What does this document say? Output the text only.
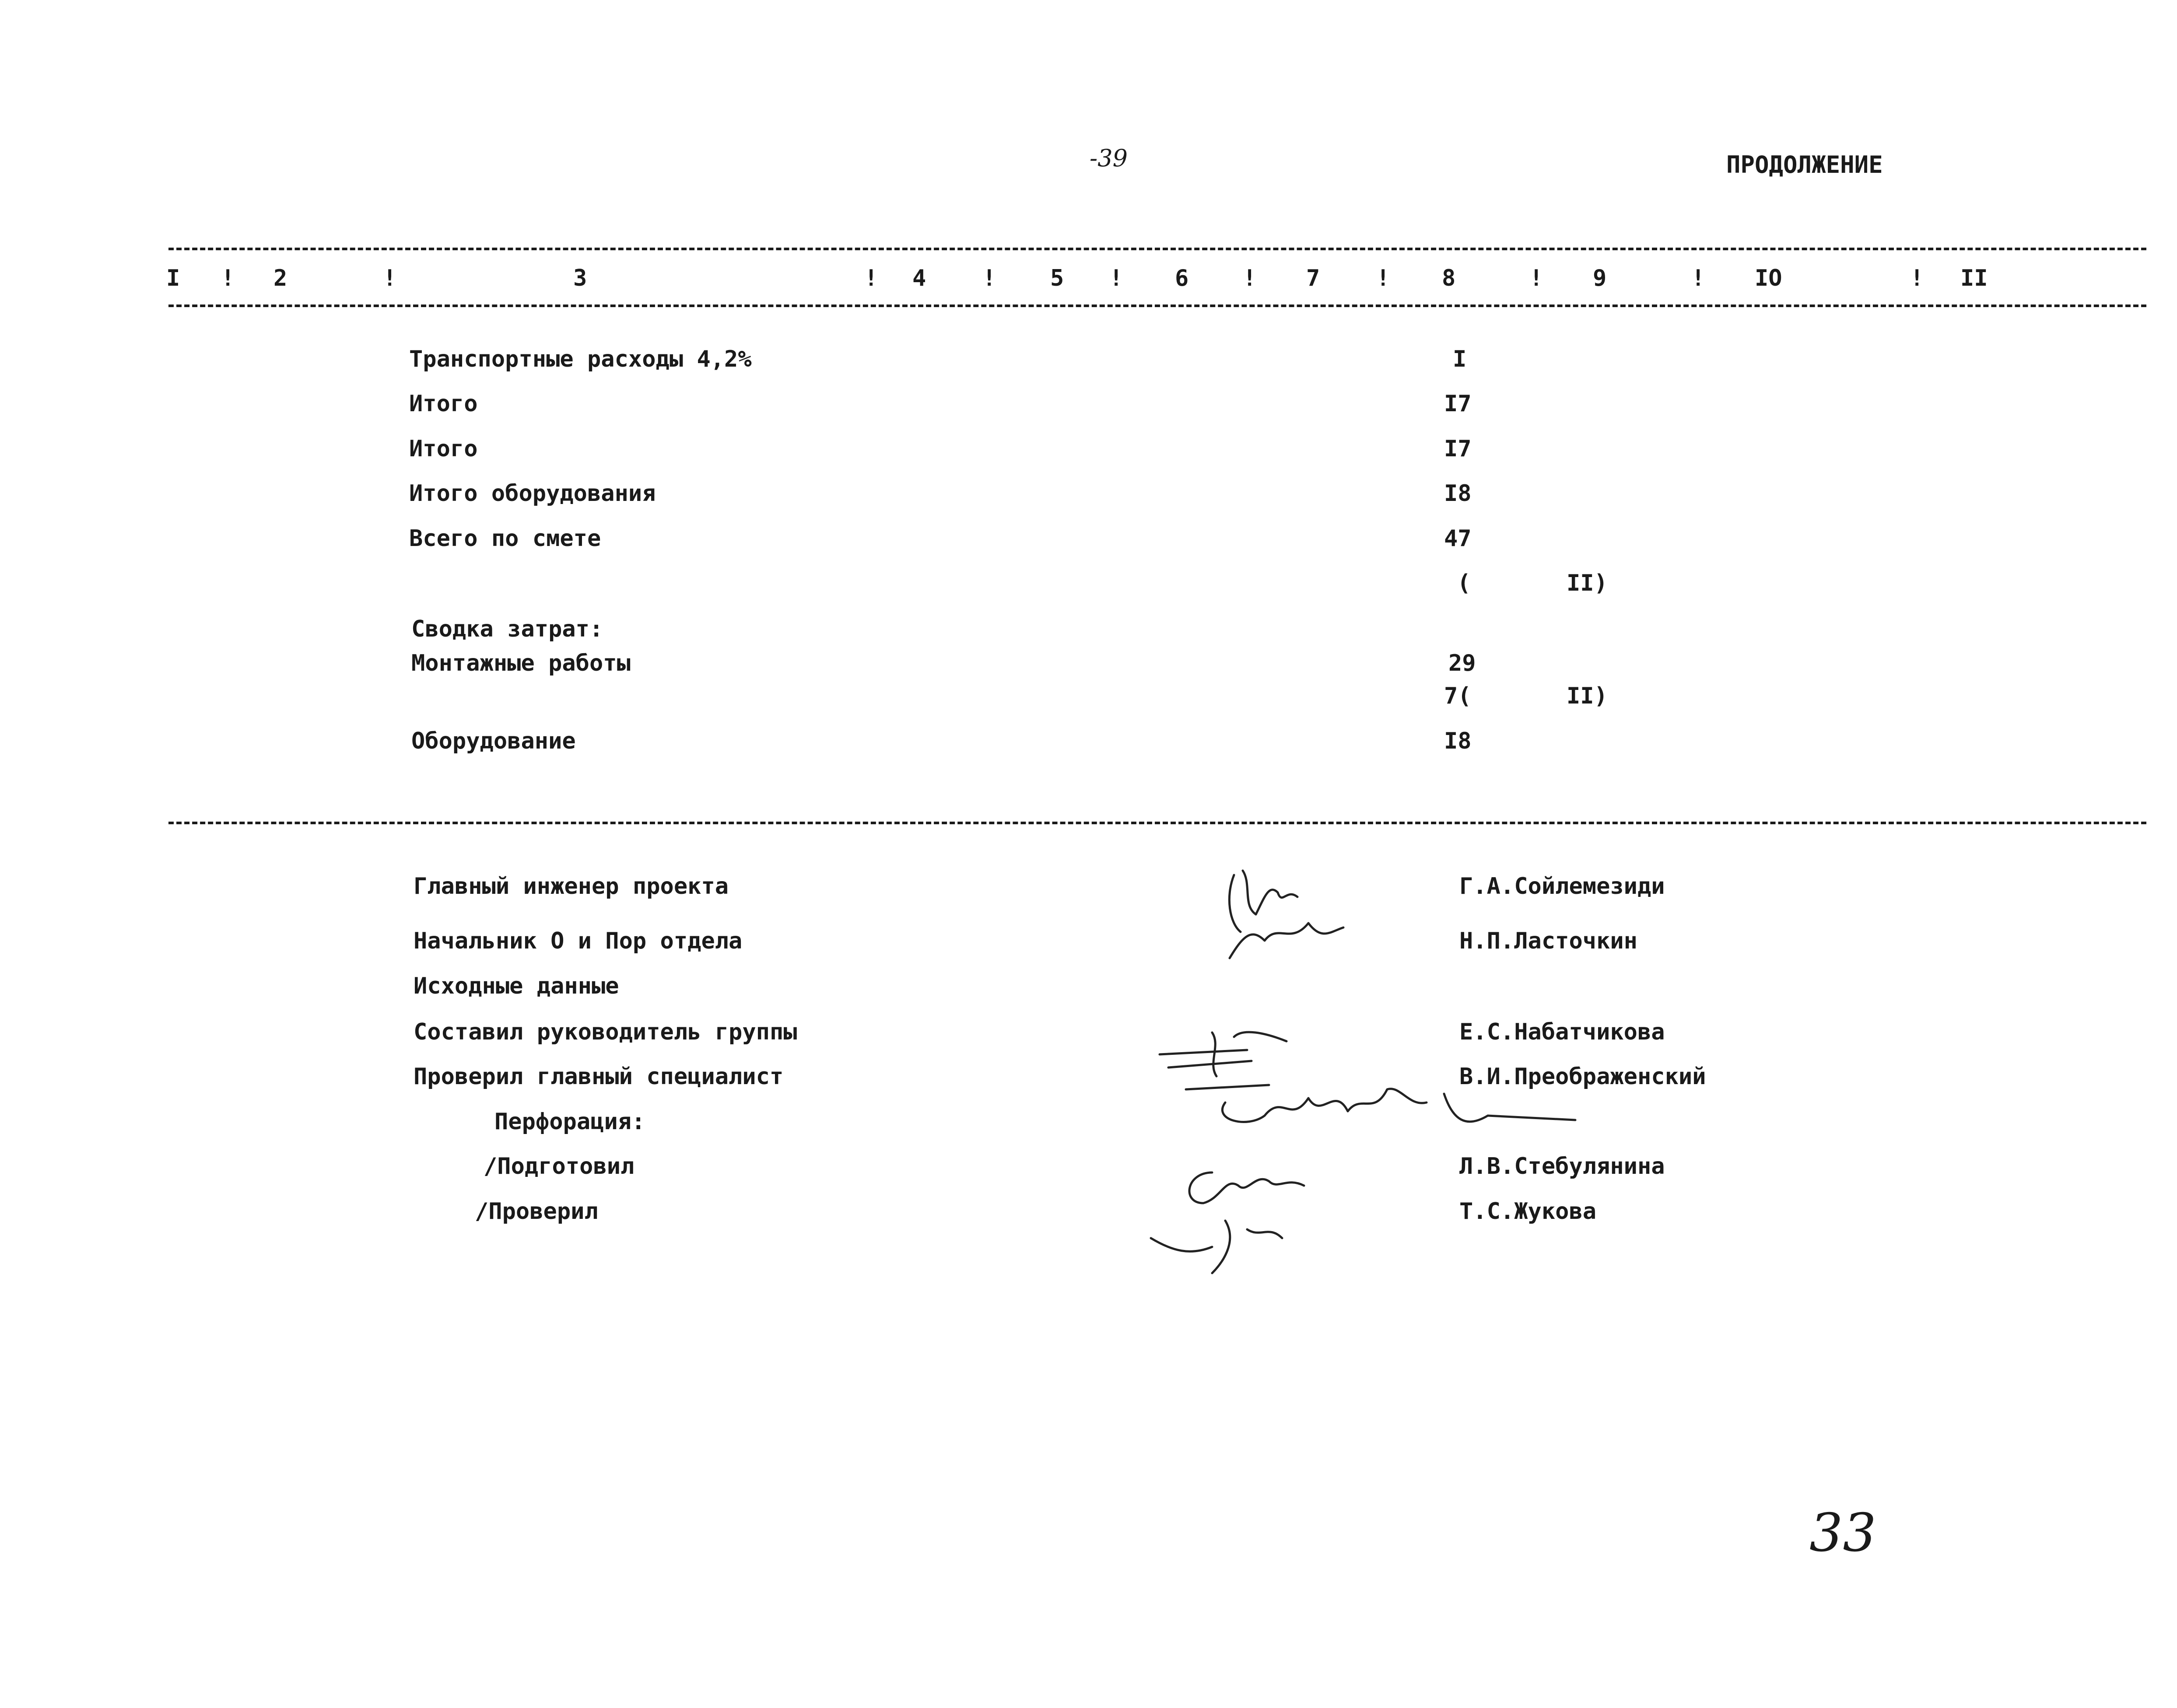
-39	ПРОДОЛЖЕНИЕ
I ! 2	!	3	! 4 ! 5 ! 6 ! 7 ! 8	! 9	! IO	! II
Транспортные расходы 4,2%	I
Итого	I7
Итого	I7
Итого оборудования	I8
Всего по смете	47
(	II)
Сводка затрат:
Монтажные работы	29
7(	II)
Оборудование	I8
Главный инженер проекта	Г.А.Сойлемезиди
Начальник О и Пор отдела	Н.П.Ласточкин
Исходные данные
Составил руководитель группы	Е.С.Набатчикова
Проверил главный специалист	В.И.Преображенский
Перфорация:
/Подготовил	Л.В.Стебулянина
/Проверил	Т.С.Жукова
33
